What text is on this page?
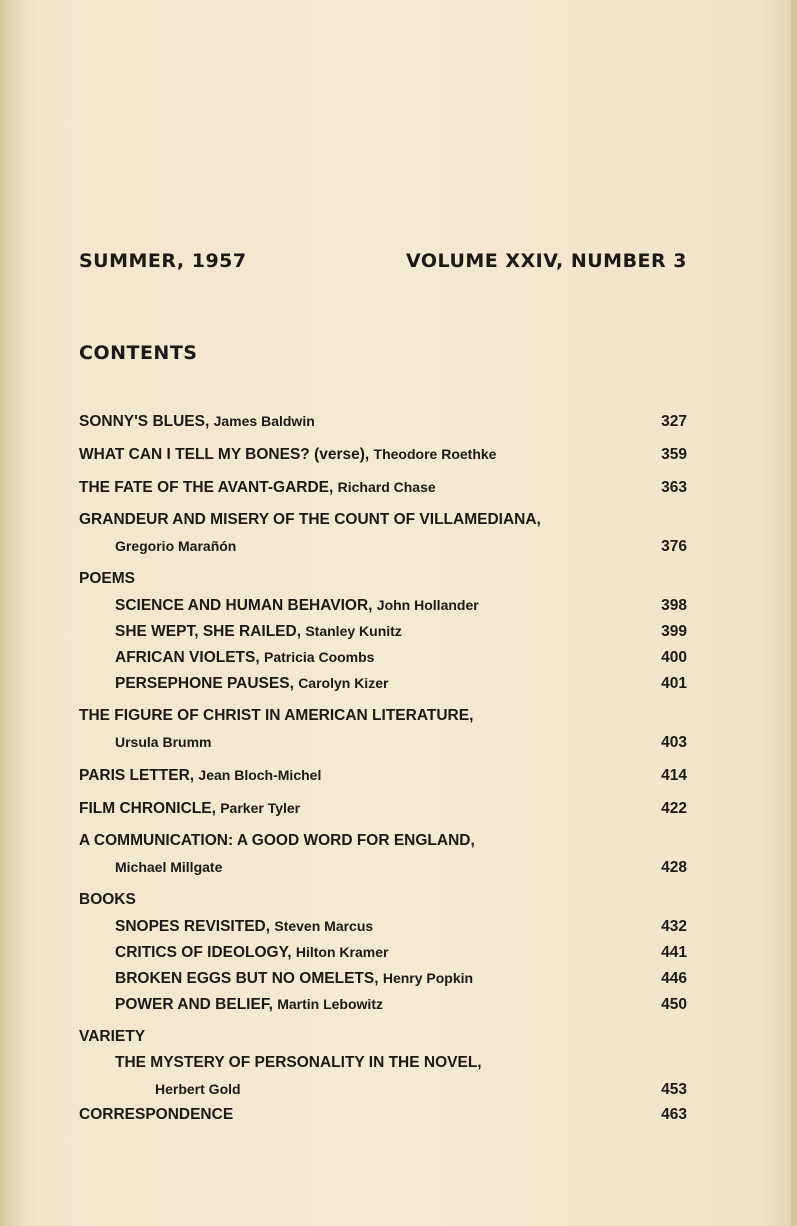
SUMMER, 1957	VOLUME XXIV, NUMBER 3
CONTENTS
SONNY'S BLUES, James Baldwin	327
WHAT CAN I TELL MY BONES? (verse), Theodore Roethke	359
THE FATE OF THE AVANT-GARDE, Richard Chase	363
GRANDEUR AND MISERY OF THE COUNT OF VILLAMEDIANA,
Gregorio Marañón	376
POEMS
SCIENCE AND HUMAN BEHAVIOR, John Hollander	398
SHE WEPT, SHE RAILED, Stanley Kunitz	399
AFRICAN VIOLETS, Patricia Coombs	400
PERSEPHONE PAUSES, Carolyn Kizer	401
THE FIGURE OF CHRIST IN AMERICAN LITERATURE,
Ursula Brumm	403
PARIS LETTER, Jean Bloch-Michel	414
FILM CHRONICLE, Parker Tyler	422
A COMMUNICATION: A GOOD WORD FOR ENGLAND,
Michael Millgate	428
BOOKS
SNOPES REVISITED, Steven Marcus	432
CRITICS OF IDEOLOGY, Hilton Kramer	441
BROKEN EGGS BUT NO OMELETS, Henry Popkin	446
POWER AND BELIEF, Martin Lebowitz	450
VARIETY
THE MYSTERY OF PERSONALITY IN THE NOVEL,
Herbert Gold	453
CORRESPONDENCE	463
